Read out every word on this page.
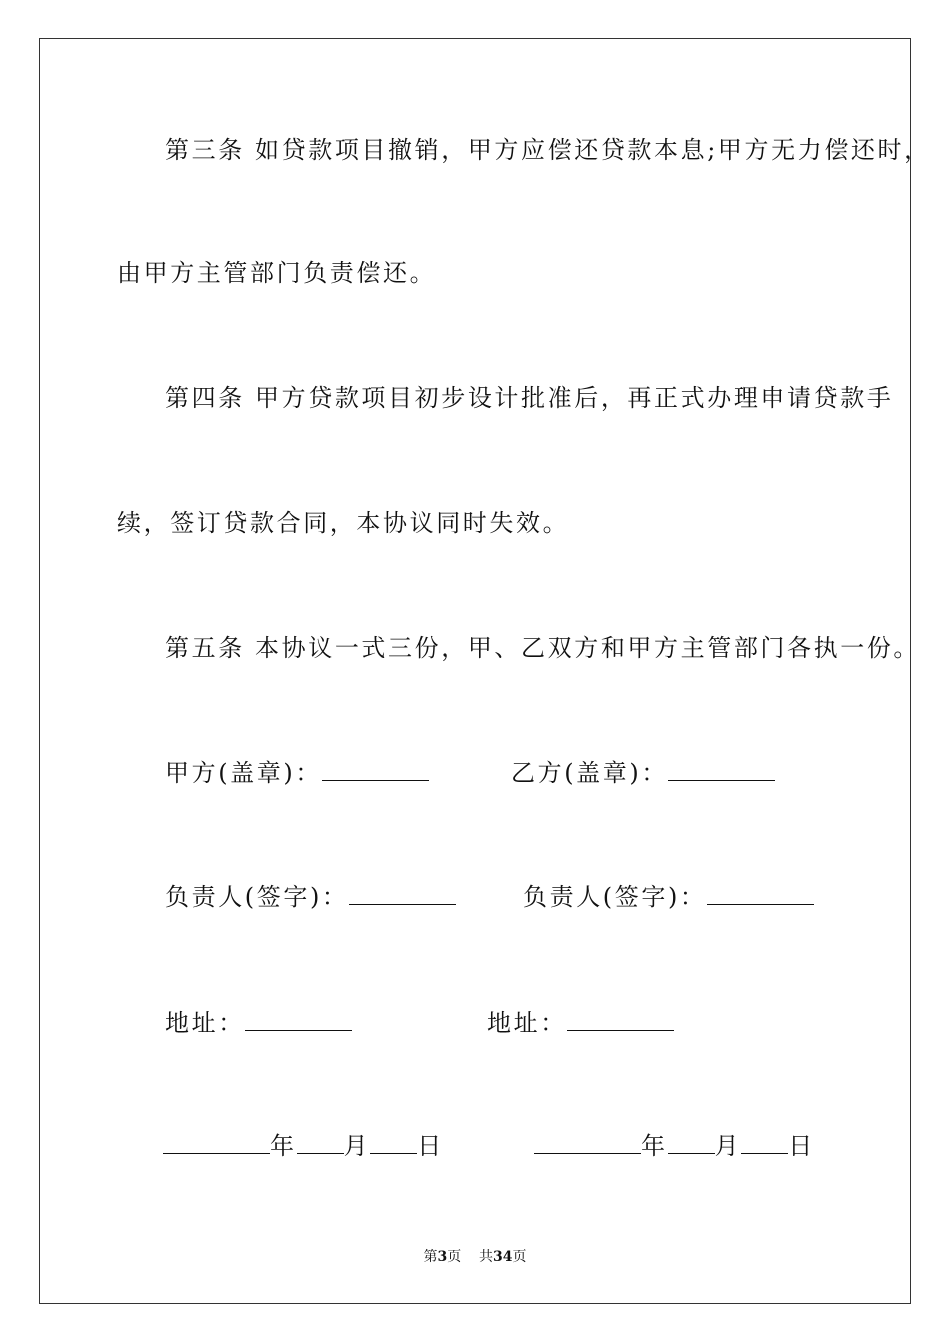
第三条 如贷款项目撤销，甲方应偿还贷款本息;甲方无力偿还时，
由甲方主管部门负责偿还。
第四条 甲方贷款项目初步设计批准后，再正式办理申请贷款手
续，签订贷款合同，本协议同时失效。
第五条 本协议一式三份，甲、乙双方和甲方主管部门各执一份。
甲方(盖章)：	乙方(盖章)：
负责人(签字)：	负责人(签字)：
地址：	地址：
年 月 日	年 月 日
第3页 共34页
